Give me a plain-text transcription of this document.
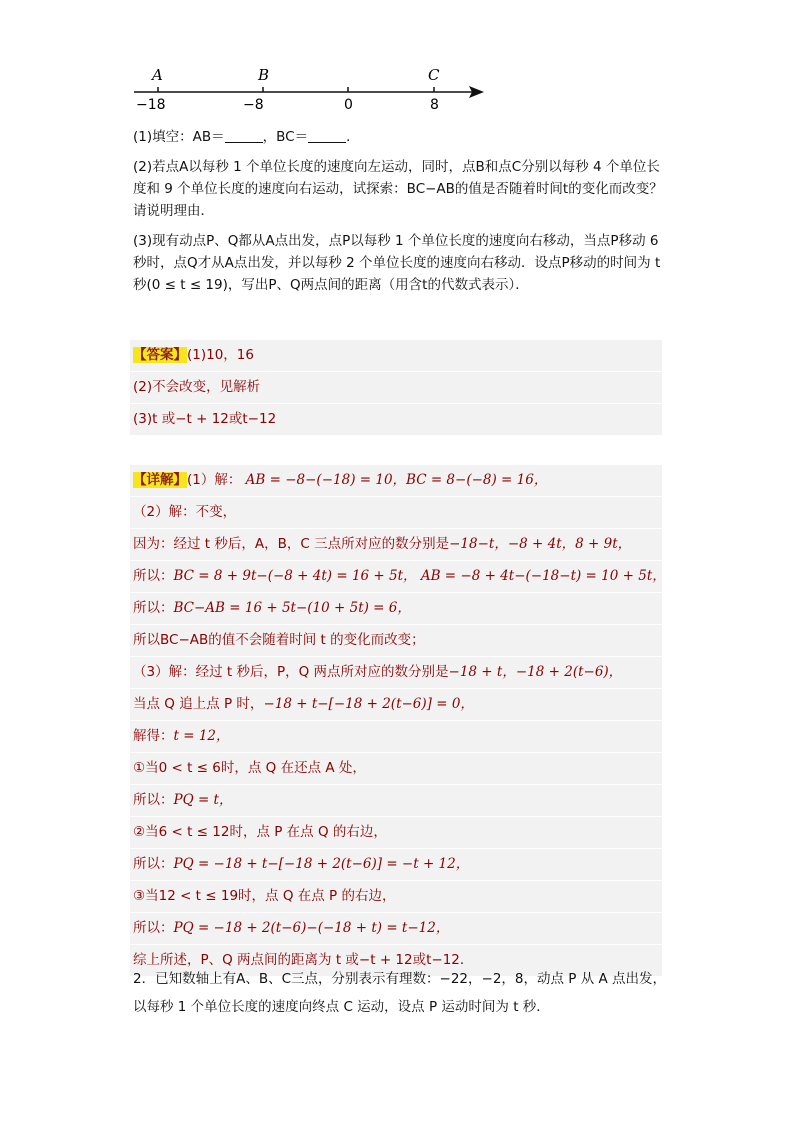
A	B	C
−18	−8	0	8

(1)填空：AB＝	，BC＝	．

(2)若点A以每秒 1 个单位长度的速度向左运动，同时，点B和点C分别以每秒 4 个单位长度和 9 个单位长度的速度向右运动，试探索：BC−AB的值是否随着时间t的变化而改变？请说明理由．

(3)现有动点P、Q都从A点出发，点P以每秒 1 个单位长度的速度向右移动，当点P移动 6 秒时，点Q才从A点出发，并以每秒 2 个单位长度的速度向右移动．设点P移动的时间为 t秒(0 ≤ t ≤ 19)，写出P、Q两点间的距离（用含t的代数式表示）．

【答案】(1)10，16
(2)不会改变，见解析
(3)t 或−t + 12或t−12
【详解】(1）解： AB = −8−(−18) = 10，BC = 8−(−8) = 16，
（2）解：不变，
因为：经过 t 秒后，A，B，C 三点所对应的数分别是−18−t，−8 + 4t，8 + 9t，
所以：BC = 8 + 9t−(−8 + 4t) = 16 + 5t， AB = −8 + 4t−(−18−t) = 10 + 5t，
所以：BC−AB = 16 + 5t−(10 + 5t) = 6，
所以BC−AB的值不会随着时间 t 的变化而改变；
（3）解：经过 t 秒后，P，Q 两点所对应的数分别是−18 + t，−18 + 2(t−6)，
当点 Q 追上点 P 时，−18 + t−[−18 + 2(t−6)] = 0，
解得：t = 12，
①当0 < t ≤ 6时，点 Q 在还点 A 处，
所以：PQ = t，
②当6 < t ≤ 12时，点 P 在点 Q 的右边，
所以：PQ = −18 + t−[−18 + 2(t−6)] = −t + 12，
③当12 < t ≤ 19时，点 Q 在点 P 的右边，
所以：PQ = −18 + 2(t−6)−(−18 + t) = t−12，
综上所述，P、Q 两点间的距离为 t 或−t + 12或t−12．

2．已知数轴上有A、B、C三点，分别表示有理数：−22，−2，8，动点 P 从 A 点出发，

以每秒 1 个单位长度的速度向终点 C 运动，设点 P 运动时间为 t 秒．
